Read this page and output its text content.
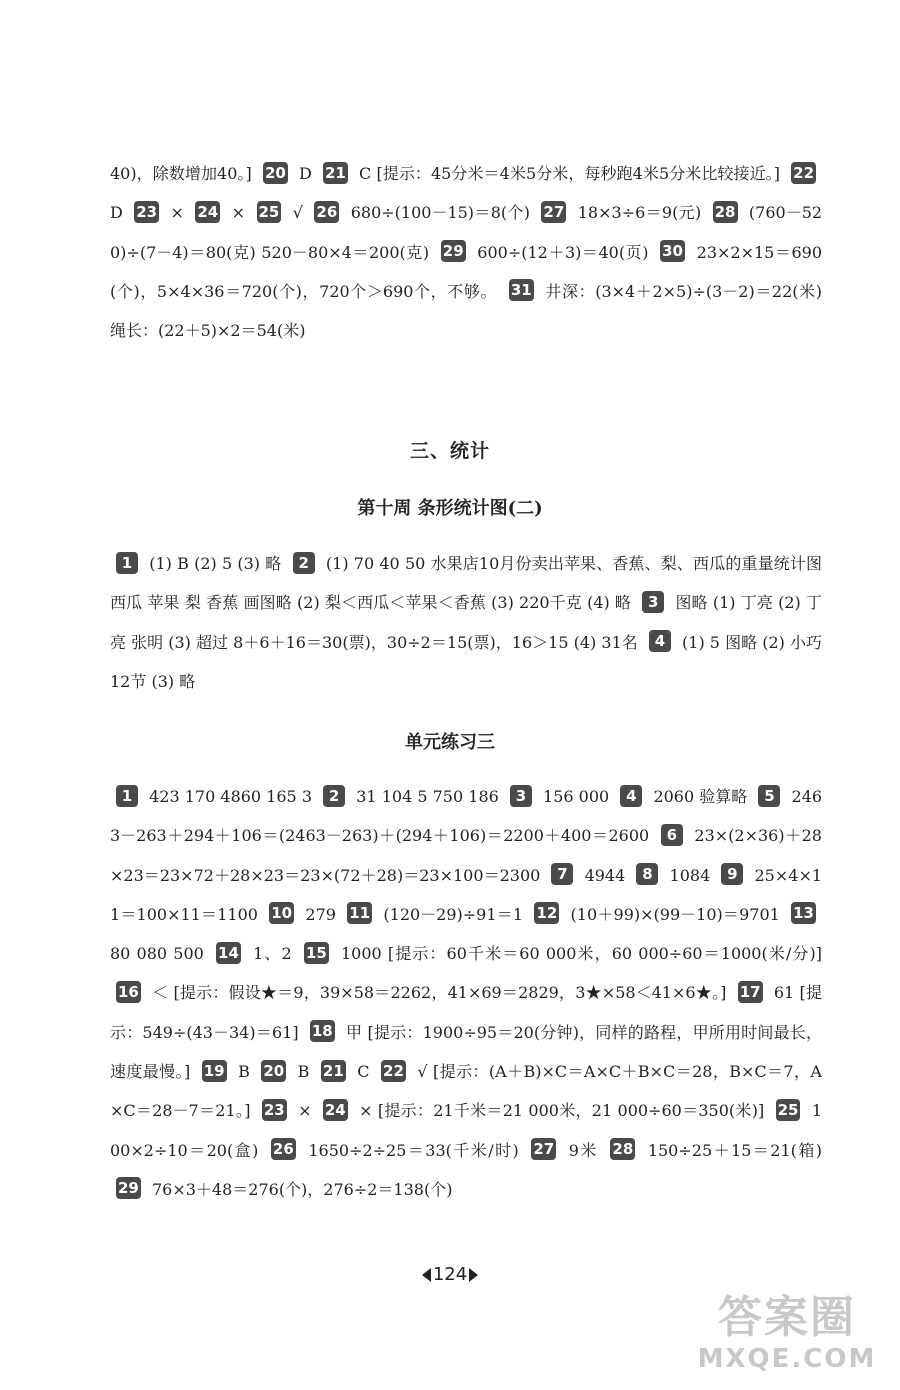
40)，除数增加40。] 20 D 21 C [提示：45分米＝4米5分米，每秒跑4米5分米比较接近。] 22 D 23 × 24 × 25 √ 26 680÷(100－15)＝8(个) 27 18×3÷6＝9(元) 28 (760－520)÷(7－4)＝80(克) 520－80×4＝200(克) 29 600÷(12＋3)＝40(页) 30 23×2×15＝690(个)，5×4×36＝720(个)，720个＞690个，不够。 31 井深：(3×4＋2×5)÷(3－2)＝22(米) 绳长：(22＋5)×2＝54(米)
三、统计
第十周 条形统计图(二)
1 (1) B (2) 5 (3) 略 2 (1) 70 40 50 水果店10月份卖出苹果、香蕉、梨、西瓜的重量统计图 西瓜 苹果 梨 香蕉 画图略 (2) 梨＜西瓜＜苹果＜香蕉 (3) 220千克 (4) 略 3 图略 (1) 丁亮 (2) 丁亮 张明 (3) 超过 8＋6＋16＝30(票)，30÷2＝15(票)，16＞15 (4) 31名 4 (1) 5 图略 (2) 小巧 12节 (3) 略
单元练习三
1 423 170 4860 165 3 2 31 104 5 750 186 3 156 000 4 2060 验算略 5 2463－263＋294＋106＝(2463－263)＋(294＋106)＝2200＋400＝2600 6 23×(2×36)＋28×23＝23×72＋28×23＝23×(72＋28)＝23×100＝2300 7 4944 8 1084 9 25×4×11＝100×11＝1100 10 279 11 (120－29)÷91＝1 12 (10＋99)×(99－10)＝9701 13 80 080 500 14 1、2 15 1000 [提示：60千米＝60 000米，60 000÷60＝1000(米/分)] 16 ＜ [提示：假设★＝9，39×58＝2262，41×69＝2829，3★×58＜41×6★。] 17 61 [提示：549÷(43－34)＝61] 18 甲 [提示：1900÷95＝20(分钟)，同样的路程，甲所用时间最长，速度最慢。] 19 B 20 B 21 C 22 √ [提示：(A＋B)×C＝A×C＋B×C＝28，B×C＝7，A×C＝28－7＝21。] 23 × 24 × [提示：21千米＝21 000米，21 000÷60＝350(米)] 25 100×2÷10＝20(盒) 26 1650÷2÷25＝33(千米/时) 27 9米 28 150÷25＋15＝21(箱) 29 76×3＋48＝276(个)，276÷2＝138(个)
124
答案圈
MXQE.COM
